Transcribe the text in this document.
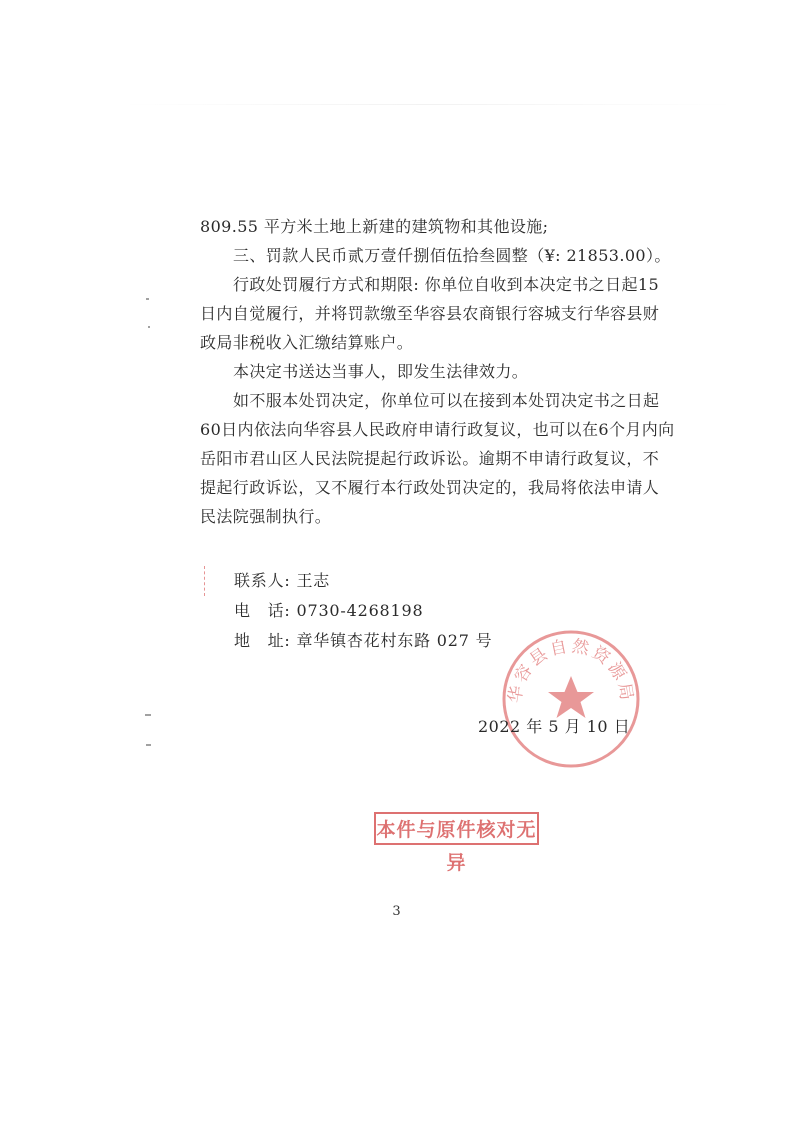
809.55 平方米土地上新建的建筑物和其他设施;

三、罚款人民币贰万壹仟捌佰伍拾叁圆整（¥: 21853.00）。

行政处罚履行方式和期限: 你单位自收到本决定书之日起15日内自觉履行，并将罚款缴至华容县农商银行容城支行华容县财政局非税收入汇缴结算账户。

本决定书送达当事人，即发生法律效力。

如不服本处罚决定，你单位可以在接到本处罚决定书之日起60日内依法向华容县人民政府申请行政复议，也可以在6个月内向岳阳市君山区人民法院提起行政诉讼。逾期不申请行政复议，不提起行政诉讼，又不履行本行政处罚决定的，我局将依法申请人民法院强制执行。

联系人: 王志
电　话: 0730-4268198
地　址: 章华镇杏花村东路 027 号
华容县自然资源局
2022 年 5 月 10 日
本件与原件核对无异
3
